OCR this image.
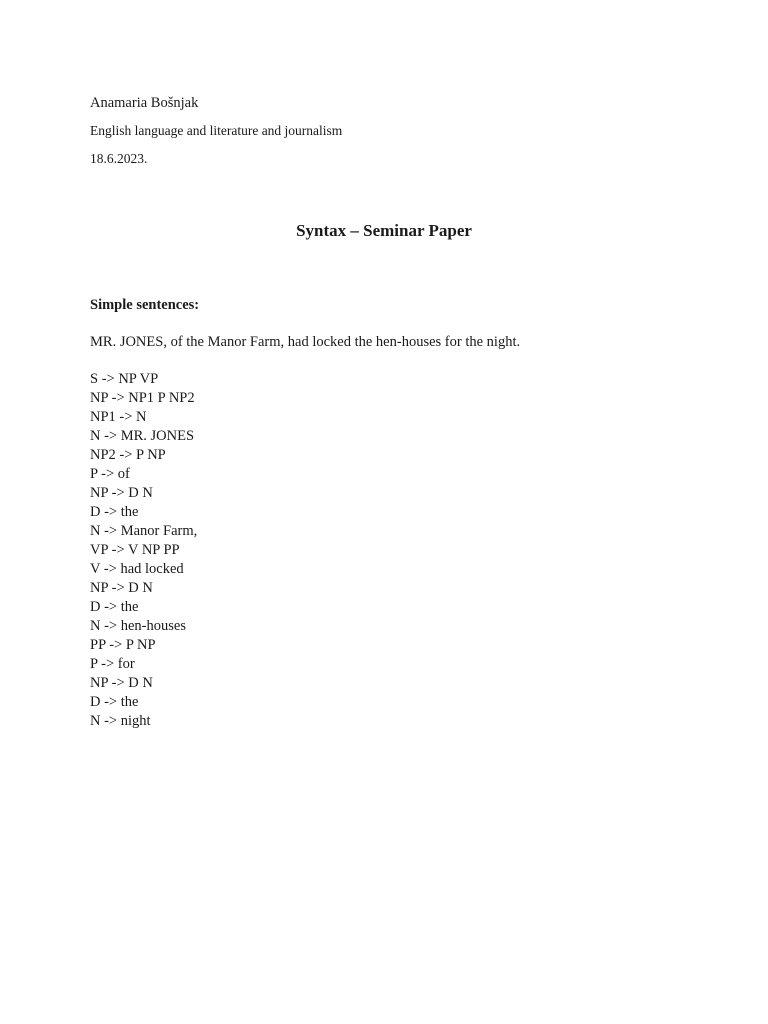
Anamaria Bošnjak
English language and literature and journalism
18.6.2023.
Syntax – Seminar Paper
Simple sentences:
MR. JONES, of the Manor Farm, had locked the hen-houses for the night.
S -> NP VP
NP -> NP1 P NP2
NP1 -> N
N -> MR. JONES
NP2 -> P NP
P -> of
NP -> D N
D -> the
N -> Manor Farm,
VP -> V NP PP
V -> had locked
NP -> D N
D -> the
N -> hen-houses
PP -> P NP
P -> for
NP -> D N
D -> the
N -> night
